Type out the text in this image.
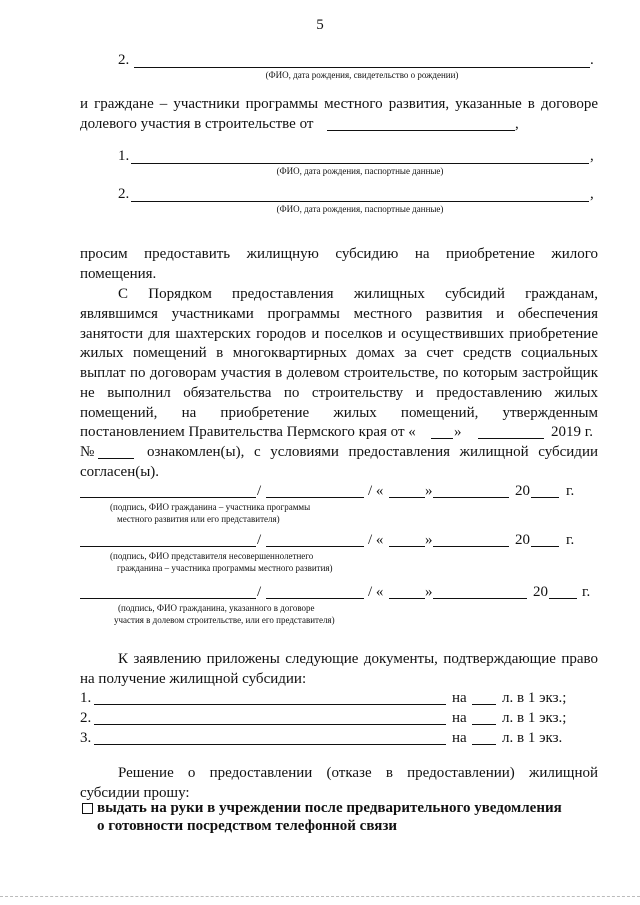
5
2.	.
(ФИО, дата рождения, свидетельство о рождении)
и граждане – участники программы местного развития, указанные в договоре
долевого участия в строительстве от	,
1.	,
(ФИО, дата рождения, паспортные данные)
2.	,
(ФИО, дата рождения, паспортные данные)
просим предоставить жилищную субсидию на приобретение жилого
помещения.
С Порядком предоставления жилищных субсидий гражданам,
являвшимся участниками программы местного развития и обеспечения
занятости для шахтерских городов и поселков и осуществивших приобретение
жилых помещений в многоквартирных домах за счет средств социальных
выплат по договорам участия в долевом строительстве, по которым застройщик
не выполнил обязательства по строительству и предоставлению жилых
помещений, на приобретение жилых помещений, утвержденным
постановлением Правительства Пермского края от «	»	2019 г.
№	ознакомлен(ы), с условиями предоставления жилищной субсидии
согласен(ы).
/	/ «	»	20 г.
(подпись, ФИО гражданина – участника программы
местного развития или его представителя)
/	/ «	»	20 г.
(подпись, ФИО представителя несовершеннолетнего
гражданина – участника программы местного развития)
/	/ «	»	20 г.
(подпись, ФИО гражданина, указанного в договоре
участия в долевом строительстве, или его представителя)
К заявлению приложены следующие документы, подтверждающие право
на получение жилищной субсидии:
1.	на л. в 1 экз.;
2.	на л. в 1 экз.;
3.	на л. в 1 экз.
Решение о предоставлении (отказе в предоставлении) жилищной
субсидии прошу:
выдать на руки в учреждении после предварительного уведомления
о готовности посредством телефонной связи
